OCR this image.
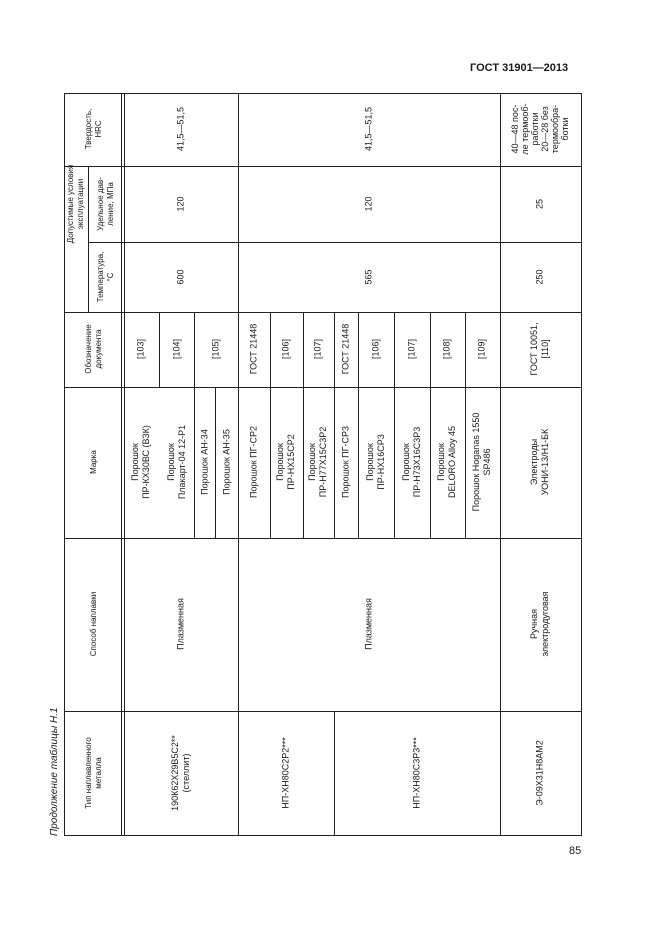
ГОСТ 31901—2013
Продолжение таблицы Н.1
85
Тип наплавленного
металла
Способ наплавки
Марка
Обозначение
документа
Допустимые условия
эксплуатации
Температура,
°С
Удельное дав-
ление, МПа
Твердость,
HRC
190К62Х29В5С2**
(стеллит)
Плазменная
600
120
41,5—51,5
Порошок
ПР-КХ30ВС (ВЗК)
[103]
Порошок
Плакарт-04 12-Р1
[104]
Порошок АН-34
[105]
Порошок АН-35
НП-ХН80С2Р2***
Плазменная
565
120
41,5—51,5
Порошок ПГ-СР2
ГОСТ 21448
Порошок
ПР-НХ15СР2
[106]
Порошок
ПР-Н77Х15С3Р2
[107]
НП-ХН80С3Р3***
Порошок ПГ-СР3
ГОСТ 21448
Порошок
ПР-НХ16СР3
[106]
Порошок
ПР-Н73Х16С3Р3
[107]
Порошок
DELORO Alloy 45
[108]
Порошок Hoganas 1550
SP486
[109]
Э-09Х31Н8АМ2
Ручная
электродуговая
Электроды
УОНИ-13/Н1-БК
ГОСТ 10051,
[110]
250
25
40—48 пос-
ле термооб-
работки
20—28 без
термообра-
ботки
